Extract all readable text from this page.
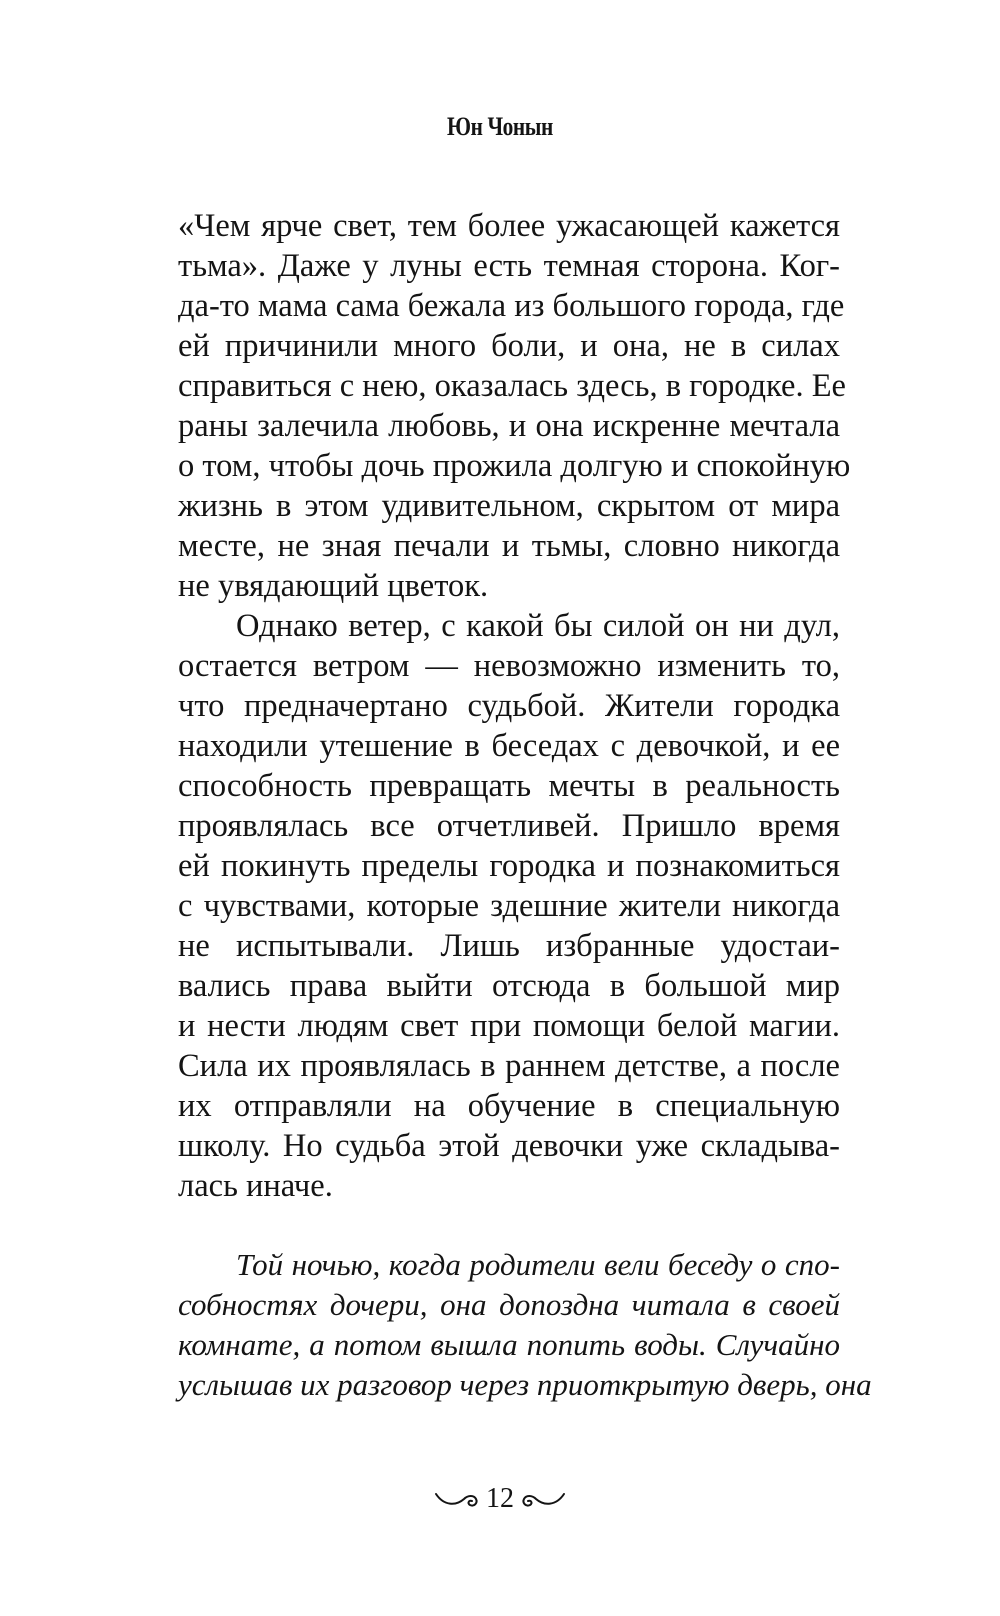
Юн Чонын
«Чем ярче свет, тем более ужасающей кажется
тьма». Даже у луны есть темная сторона. Ког-
да-то мама сама бежала из большого города, где
ей причинили много боли, и она, не в силах
справиться с нею, оказалась здесь, в городке. Ее
раны залечила любовь, и она искренне мечтала
о том, чтобы дочь прожила долгую и спокойную
жизнь в этом удивительном, скрытом от мира
месте, не зная печали и тьмы, словно никогда
не увядающий цветок.
Однако ветер, с какой бы силой он ни дул,
остается ветром — невозможно изменить то,
что предначертано судьбой. Жители городка
находили утешение в беседах с девочкой, и ее
способность превращать мечты в реальность
проявлялась все отчетливей. Пришло время
ей покинуть пределы городка и познакомиться
с чувствами, которые здешние жители никогда
не испытывали. Лишь избранные удостаи-
вались права выйти отсюда в большой мир
и нести людям свет при помощи белой магии.
Сила их проявлялась в раннем детстве, а после
их отправляли на обучение в специальную
школу. Но судьба этой девочки уже складыва-
лась иначе.
Той ночью, когда родители вели беседу о спо-
собностях дочери, она допоздна читала в своей
комнате, а потом вышла попить воды. Случайно
услышав их разговор через приоткрытую дверь, она
12
